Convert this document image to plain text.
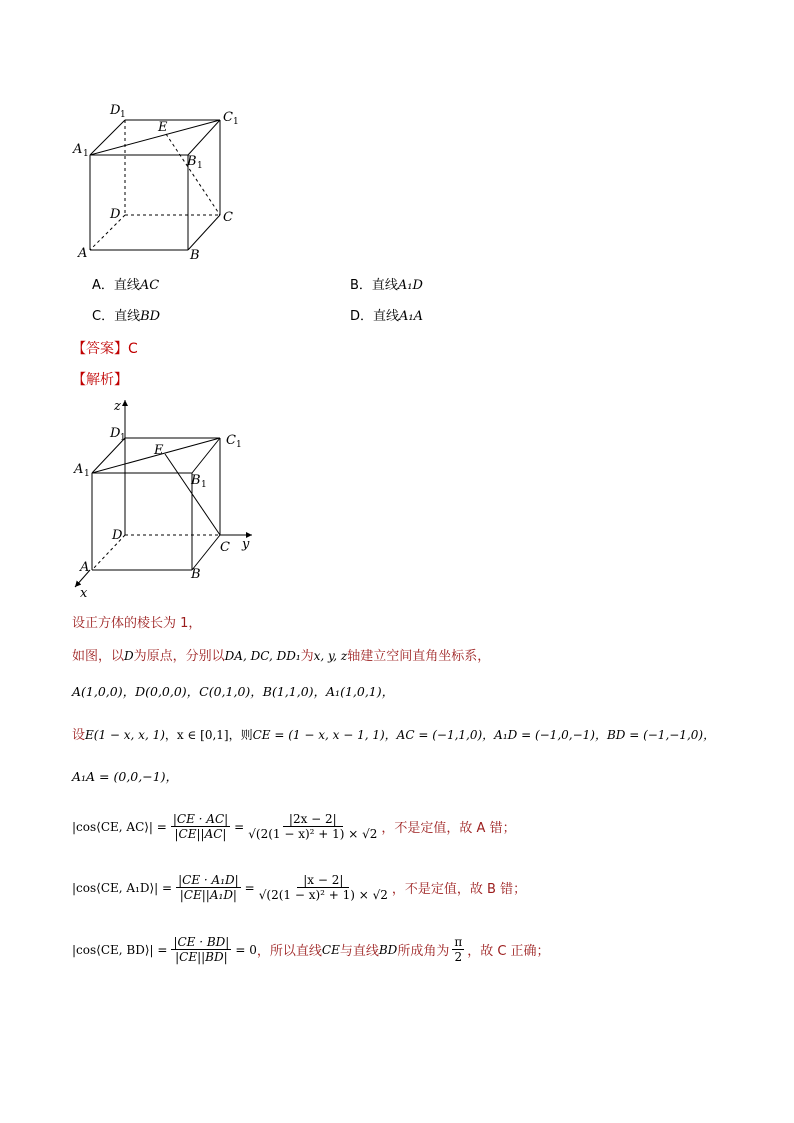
D 1	C 1
A 1
E
B 1
D	C
A	B
A．直线AC	B．直线A₁D
C．直线BD	D．直线A₁A
【答案】C
【解析】
z
y
x
D 1	C 1
A 1
E
B 1
D
C
A	B
设正方体的棱长为 1，
如图，以D为原点，分别以DA, DC, DD₁为x, y, z轴建立空间直角坐标系，
A(1,0,0)，D(0,0,0)，C(0,1,0)，B(1,1,0)，A₁(1,0,1)，
设E(1 − x, x, 1)，x ∈ [0,1]，则CE = (1 − x, x − 1, 1)，AC = (−1,1,0)，A₁D = (−1,0,−1)，BD = (−1,−1,0)，
A₁A = (0,0,−1)，
|cos⟨CE, AC⟩| = $\frac{|CE \cdot AC|}{|CE||AC|} = \frac{|2x - 2|}{\text{√(2(1 − x)² + 1) × √2}}$ ，不是定值，故 A 错；
|cos⟨CE, A₁D⟩| = $\frac{\text{|CE · A₁D|}}{\text{|CE||A₁D|}} = \frac{|x - 2|}{\text{√(2(1 − x)² + 1) × √2}}$ ，不是定值，故 B 错；
|cos⟨CE, BD⟩| = $\frac{|CE \cdot BD|}{|CE||BD|} = 0$ ，所以直线 CE 与直线 BD 所成角为
π
2 ，故 C 正确；
